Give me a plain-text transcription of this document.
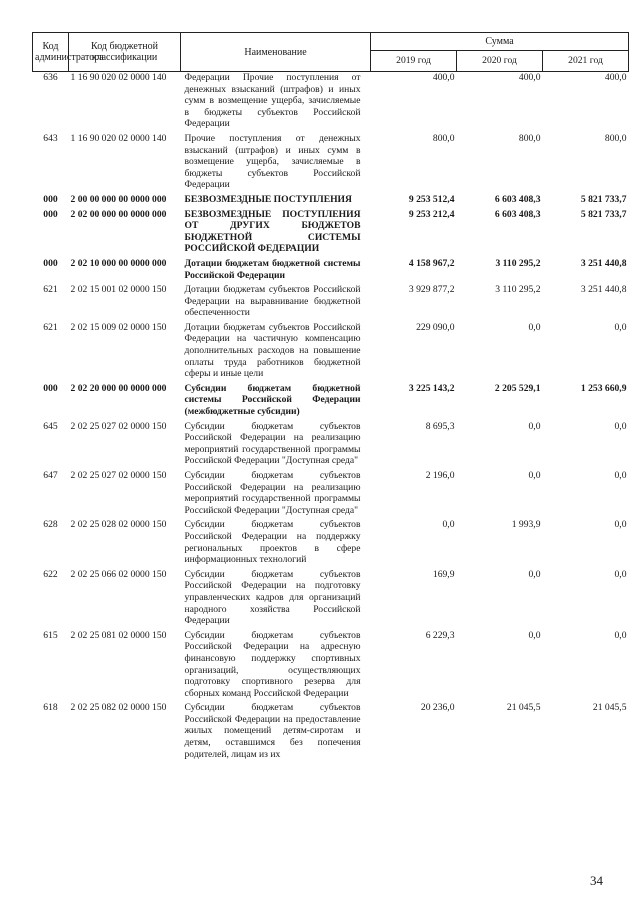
Код администратора	Код бюджетной классификации	Наименование	Сумма		
			2019 год	2020 год	2021 год
636	1 16 90 020 02 0000 140	Федерации Прочие поступления от денежных взысканий (штрафов) и иных сумм в возмещение ущерба, зачисляемые в бюджеты субъектов Российской Федерации	400,0	400,0	400,0
643	1 16 90 020 02 0000 140	Прочие поступления от денежных взысканий (штрафов) и иных сумм в возмещение ущерба, зачисляемые в бюджеты субъектов Российской Федерации	800,0	800,0	800,0
000	2 00 00 000 00 0000 000	БЕЗВОЗМЕЗДНЫЕ ПОСТУПЛЕНИЯ	9 253 512,4	6 603 408,3	5 821 733,7
000	2 02 00 000 00 0000 000	БЕЗВОЗМЕЗДНЫЕ ПОСТУПЛЕНИЯ ОТ ДРУГИХ БЮДЖЕТОВ БЮДЖЕТНОЙ СИСТЕМЫ РОССИЙСКОЙ ФЕДЕРАЦИИ	9 253 212,4	6 603 408,3	5 821 733,7
000	2 02 10 000 00 0000 000	Дотации бюджетам бюджетной системы Российской Федерации	4 158 967,2	3 110 295,2	3 251 440,8
621	2 02 15 001 02 0000 150	Дотации бюджетам субъектов Российской Федерации на выравнивание бюджетной обеспеченности	3 929 877,2	3 110 295,2	3 251 440,8
621	2 02 15 009 02 0000 150	Дотации бюджетам субъектов Российской Федерации на частичную компенсацию дополнительных расходов на повышение оплаты труда работников бюджетной сферы и иные цели	229 090,0	0,0	0,0
000	2 02 20 000 00 0000 000	Субсидии бюджетам бюджетной системы Российской Федерации (межбюджетные субсидии)	3 225 143,2	2 205 529,1	1 253 660,9
645	2 02 25 027 02 0000 150	Субсидии бюджетам субъектов Российской Федерации на реализацию мероприятий государственной программы Российской Федерации "Доступная среда"	8 695,3	0,0	0,0
647	2 02 25 027 02 0000 150	Субсидии бюджетам субъектов Российской Федерации на реализацию мероприятий государственной программы Российской Федерации "Доступная среда"	2 196,0	0,0	0,0
628	2 02 25 028 02 0000 150	Субсидии бюджетам субъектов Российской Федерации на поддержку региональных проектов в сфере информационных технологий	0,0	1 993,9	0,0
622	2 02 25 066 02 0000 150	Субсидии бюджетам субъектов Российской Федерации на подготовку управленческих кадров для организаций народного хозяйства Российской Федерации	169,9	0,0	0,0
615	2 02 25 081 02 0000 150	Субсидии бюджетам субъектов Российской Федерации на адресную финансовую поддержку спортивных организаций, осуществляющих подготовку спортивного резерва для сборных команд Российской Федерации	6 229,3	0,0	0,0
618	2 02 25 082 02 0000 150	Субсидии бюджетам субъектов Российской Федерации на предоставление жилых помещений детям-сиротам и детям, оставшимся без попечения родителей, лицам из их	20 236,0	21 045,5	21 045,5
34
